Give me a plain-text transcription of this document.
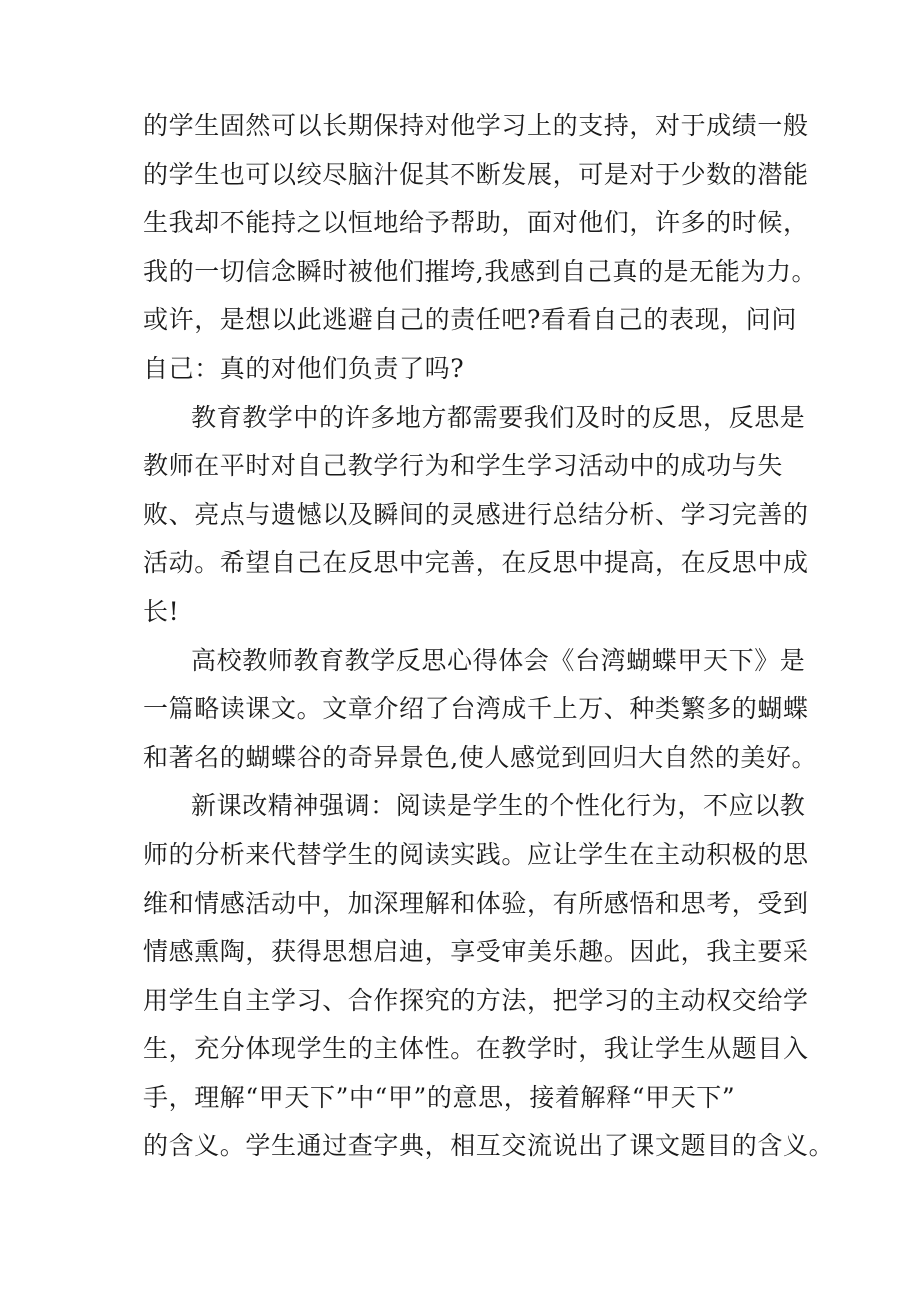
的学生固然可以长期保持对他学习上的支持，对于成绩一般
的学生也可以绞尽脑汁促其不断发展，可是对于少数的潜能
生我却不能持之以恒地给予帮助，面对他们，许多的时候，
我的一切信念瞬时被他们摧垮,我感到自己真的是无能为力。
或许，是想以此逃避自己的责任吧?看看自己的表现，问问
自己：真的对他们负责了吗?
教育教学中的许多地方都需要我们及时的反思，反思是
教师在平时对自己教学行为和学生学习活动中的成功与失
败、亮点与遗憾以及瞬间的灵感进行总结分析、学习完善的
活动。希望自己在反思中完善，在反思中提高，在反思中成
长!
高校教师教育教学反思心得体会《台湾蝴蝶甲天下》是
一篇略读课文。文章介绍了台湾成千上万、种类繁多的蝴蝶
和著名的蝴蝶谷的奇异景色,使人感觉到回归大自然的美好。
新课改精神强调：阅读是学生的个性化行为，不应以教
师的分析来代替学生的阅读实践。应让学生在主动积极的思
维和情感活动中，加深理解和体验，有所感悟和思考，受到
情感熏陶，获得思想启迪，享受审美乐趣。因此，我主要采
用学生自主学习、合作探究的方法，把学习的主动权交给学
生，充分体现学生的主体性。在教学时，我让学生从题目入
手，理解“甲天下”中“甲”的意思，接着解释“甲天下”
的含义。学生通过查字典，相互交流说出了课文题目的含义。
